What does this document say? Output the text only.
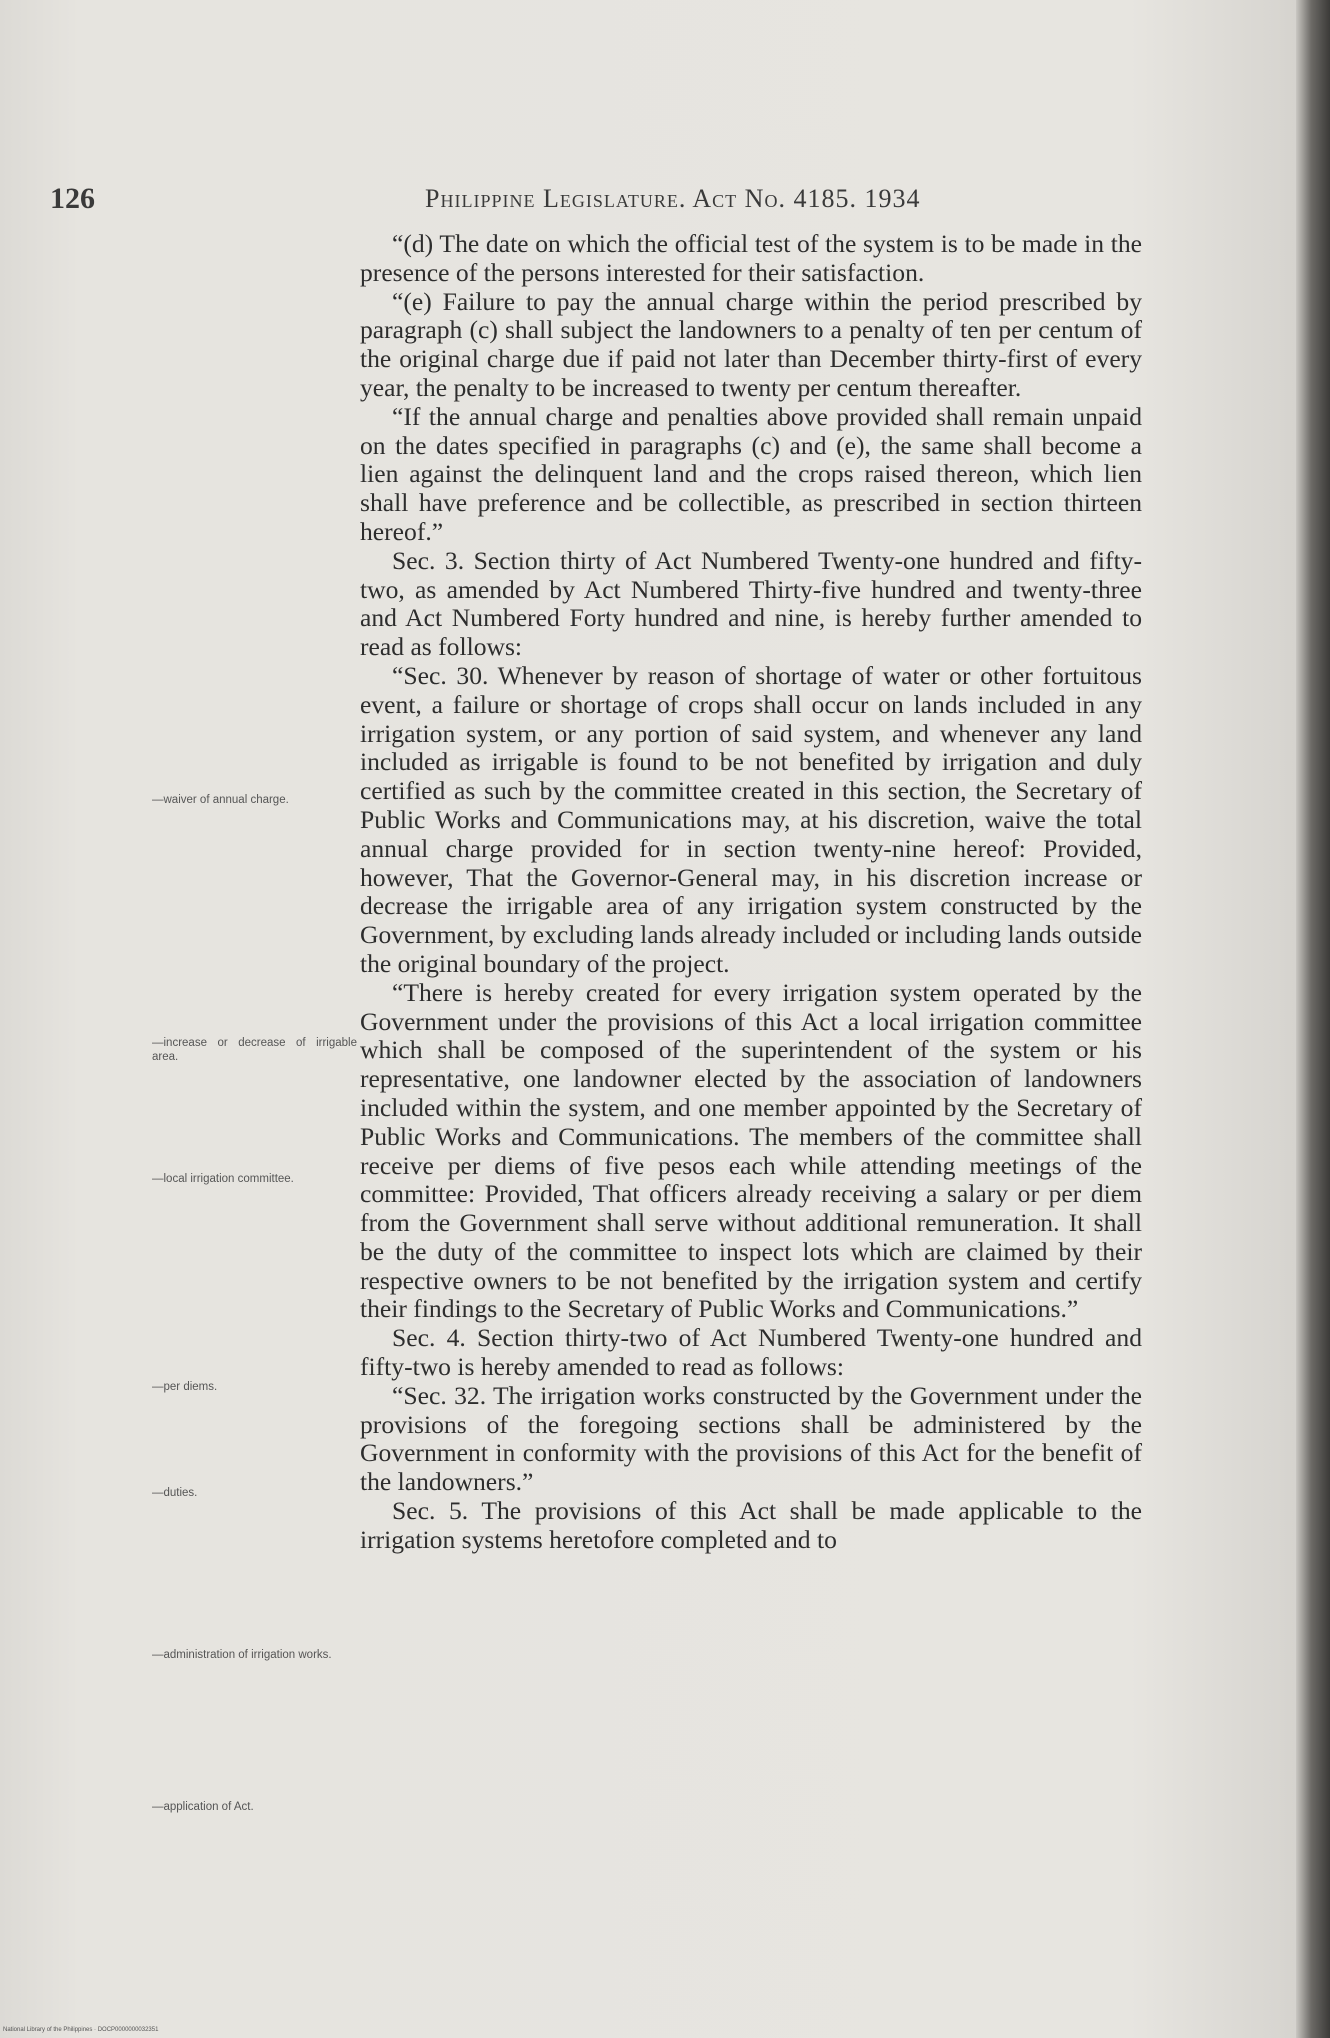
126	Philippine Legislature. Act No. 4185. 1934

“(d) The date on which the official test of the system is to be made in the presence of the persons interested for their satisfaction.

“(e) Failure to pay the annual charge within the period prescribed by paragraph (c) shall subject the landowners to a penalty of ten per centum of the original charge due if paid not later than December thirty-first of every year, the penalty to be increased to twenty per centum thereafter.

“If the annual charge and penalties above provided shall remain unpaid on the dates specified in paragraphs (c) and (e), the same shall become a lien against the delinquent land and the crops raised thereon, which lien shall have preference and be collectible, as prescribed in section thirteen hereof.”

Sec. 3. Section thirty of Act Numbered Twenty-one hundred and fifty-two, as amended by Act Numbered Thirty-five hundred and twenty-three and Act Numbered Forty hundred and nine, is hereby further amended to read as follows:

“Sec. 30. Whenever by reason of shortage of water or other fortuitous event, a failure or shortage of crops shall occur on lands included in any irrigation system, or any portion of said system, and whenever any land included as irrigable is found to be not benefited by irrigation and duly certified as such by the committee created in this section, the Secretary of Public Works and Communications may, at his discretion, waive the total annual charge provided for in section twenty-nine hereof: Provided, however, That the Governor-General may, in his discretion increase or decrease the irrigable area of any irrigation system constructed by the Government, by excluding lands already included or including lands outside the original boundary of the project.

“There is hereby created for every irrigation system operated by the Government under the provisions of this Act a local irrigation committee which shall be composed of the superintendent of the system or his representative, one landowner elected by the association of landowners included within the system, and one member appointed by the Secretary of Public Works and Communications. The members of the committee shall receive per diems of five pesos each while attending meetings of the committee: Provided, That officers already receiving a salary or per diem from the Government shall serve without additional remuneration. It shall be the duty of the committee to inspect lots which are claimed by their respective owners to be not benefited by the irrigation system and certify their findings to the Secretary of Public Works and Communications.”

Sec. 4. Section thirty-two of Act Numbered Twenty-one hundred and fifty-two is hereby amended to read as follows:

“Sec. 32. The irrigation works constructed by the Government under the provisions of the foregoing sections shall be administered by the Government in conformity with the provisions of this Act for the benefit of the landowners.”

Sec. 5. The provisions of this Act shall be made applicable to the irrigation systems heretofore completed and to

—waiver of annual charge.
—increase or decrease of irrigable area.
—local irrigation committee.
—per diems.
—duties.
—administration of irrigation works.
—application of Act.
National Library of the Philippines · DOCP0000000032351
